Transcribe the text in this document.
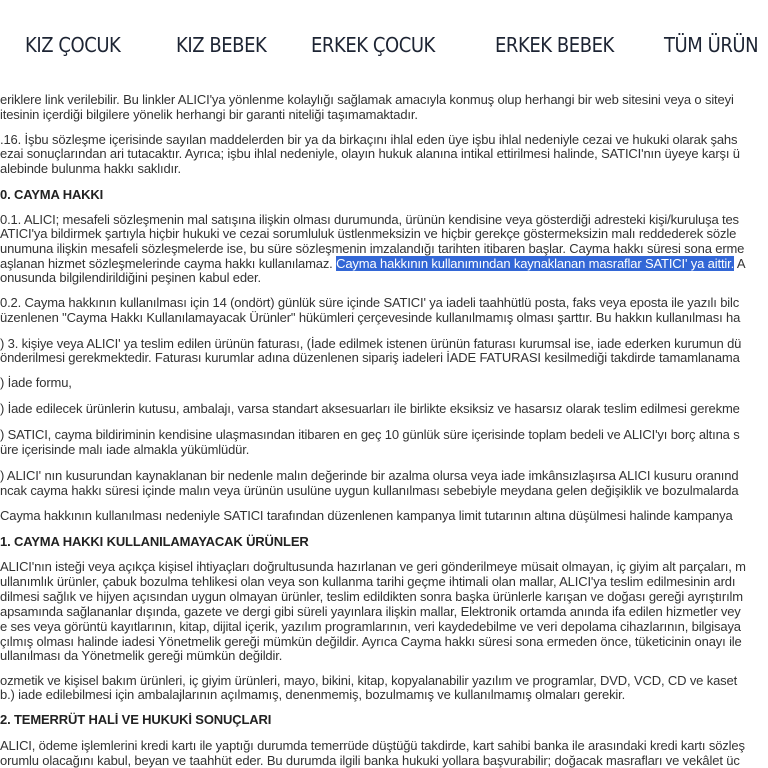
KIZ ÇOCUK	KIZ BEBEK ERKEK ÇOCUK	ERKEK BEBEK	TÜM ÜRÜN
eriklere link verilebilir. Bu linkler ALICI'ya yönlenme kolaylığı sağlamak amacıyla konmuş olup herhangi bir web sitesini veya o siteyi
itesinin içerdiği bilgilere yönelik herhangi bir garanti niteliği taşımamaktadır.
.16. İşbu sözleşme içerisinde sayılan maddelerden bir ya da birkaçını ihlal eden üye işbu ihlal nedeniyle cezai ve hukuki olarak şahs
ezai sonuçlarından ari tutacaktır. Ayrıca; işbu ihlal nedeniyle, olayın hukuk alanına intikal ettirilmesi halinde, SATICI'nın üyeye karşı ü
alebinde bulunma hakkı saklıdır.
0. CAYMA HAKKI
0.1. ALICI; mesafeli sözleşmenin mal satışına ilişkin olması durumunda, ürünün kendisine veya gösterdiği adresteki kişi/kuruluşa tes
ATICI'ya bildirmek şartıyla hiçbir hukuki ve cezai sorumluluk üstlenmeksizin ve hiçbir gerekçe göstermeksizin malı reddederek sözle
unumuna ilişkin mesafeli sözleşmelerde ise, bu süre sözleşmenin imzalandığı tarihten itibaren başlar. Cayma hakkı süresi sona erme
aşlanan hizmet sözleşmelerinde cayma hakkı kullanılamaz. Cayma hakkının kullanımından kaynaklanan masraflar SATICI' ya aittir. A
onusunda bilgilendirildiğini peşinen kabul eder.
0.2. Cayma hakkının kullanılması için 14 (ondört) günlük süre içinde SATICI' ya iadeli taahhütlü posta, faks veya eposta ile yazılı bilc
üzenlenen "Cayma Hakkı Kullanılamayacak Ürünler" hükümleri çerçevesinde kullanılmamış olması şarttır. Bu hakkın kullanılması ha
) 3. kişiye veya ALICI' ya teslim edilen ürünün faturası, (İade edilmek istenen ürünün faturası kurumsal ise, iade ederken kurumun dü
önderilmesi gerekmektedir. Faturası kurumlar adına düzenlenen sipariş iadeleri İADE FATURASI kesilmediği takdirde tamamlanama
) İade formu,
) İade edilecek ürünlerin kutusu, ambalajı, varsa standart aksesuarları ile birlikte eksiksiz ve hasarsız olarak teslim edilmesi gerekme
) SATICI, cayma bildiriminin kendisine ulaşmasından itibaren en geç 10 günlük süre içerisinde toplam bedeli ve ALICI'yı borç altına s
üre içerisinde malı iade almakla yükümlüdür.
) ALICI' nın kusurundan kaynaklanan bir nedenle malın değerinde bir azalma olursa veya iade imkânsızlaşırsa ALICI kusuru oranınd
ncak cayma hakkı süresi içinde malın veya ürünün usulüne uygun kullanılması sebebiyle meydana gelen değişiklik ve bozulmalarda
Cayma hakkının kullanılması nedeniyle SATICI tarafından düzenlenen kampanya limit tutarının altına düşülmesi halinde kampanya
1. CAYMA HAKKI KULLANILAMAYACAK ÜRÜNLER
ALICI'nın isteği veya açıkça kişisel ihtiyaçları doğrultusunda hazırlanan ve geri gönderilmeye müsait olmayan, iç giyim alt parçaları, m
ullanımlık ürünler, çabuk bozulma tehlikesi olan veya son kullanma tarihi geçme ihtimali olan mallar, ALICI'ya teslim edilmesinin ardı
dilmesi sağlık ve hijyen açısından uygun olmayan ürünler, teslim edildikten sonra başka ürünlerle karışan ve doğası gereği ayrıştırılm
apsamında sağlananlar dışında, gazete ve dergi gibi süreli yayınlara ilişkin mallar, Elektronik ortamda anında ifa edilen hizmetler vey
e ses veya görüntü kayıtlarının, kitap, dijital içerik, yazılım programlarının, veri kaydedebilme ve veri depolama cihazlarının, bilgisaya
çılmış olması halinde iadesi Yönetmelik gereği mümkün değildir. Ayrıca Cayma hakkı süresi sona ermeden önce, tüketicinin onayı ile
ullanılması da Yönetmelik gereği mümkün değildir.
ozmetik ve kişisel bakım ürünleri, iç giyim ürünleri, mayo, bikini, kitap, kopyalanabilir yazılım ve programlar, DVD, VCD, CD ve kaset
b.) iade edilebilmesi için ambalajlarının açılmamış, denenmemiş, bozulmamış ve kullanılmamış olmaları gerekir.
2. TEMERRÜT HALİ VE HUKUKİ SONUÇLARI
ALICI, ödeme işlemlerini kredi kartı ile yaptığı durumda temerrüde düştüğü takdirde, kart sahibi banka ile arasındaki kredi kartı sözleş
orumlu olacağını kabul, beyan ve taahhüt eder. Bu durumda ilgili banka hukuki yollara başvurabilir; doğacak masrafları ve vekâlet üc
